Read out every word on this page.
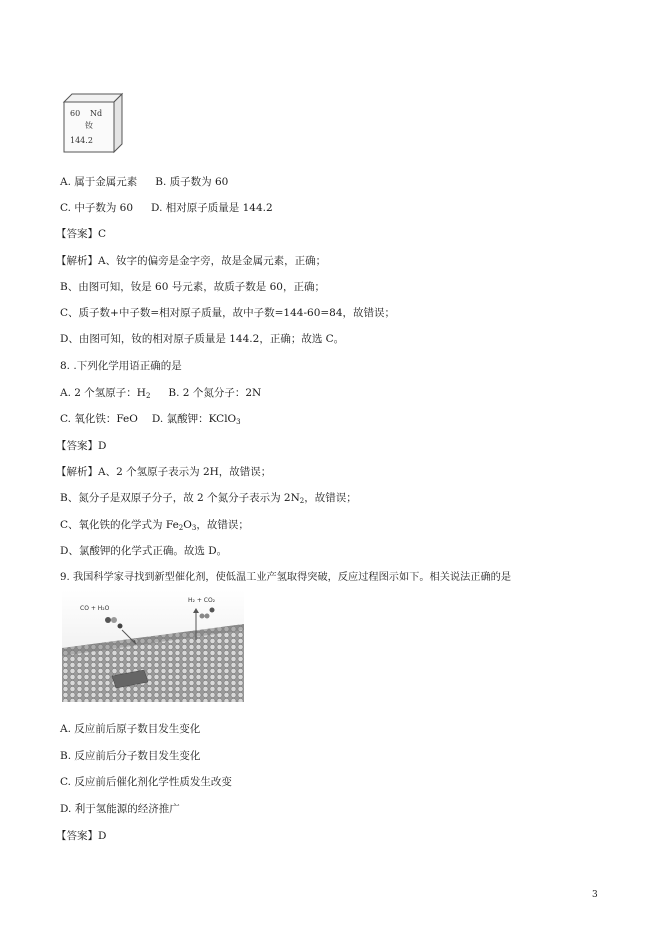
60 Nd
钕
144.2
A. 属于金属元素 B. 质子数为 60
C. 中子数为 60 D. 相对原子质量是 144.2
【答案】C
【解析】A、钕字的偏旁是金字旁，故是金属元素，正确；
B、由图可知，钕是 60 号元素，故质子数是 60，正确；
C、质子数+中子数=相对原子质量，故中子数=144-60=84，故错误；
D、由图可知，钕的相对原子质量是 144.2，正确；故选 C。
8. .下列化学用语正确的是
A. 2 个氢原子：$H_2$ B. 2 个氮分子：2N
C. 氧化铁：FeO D. 氯酸钾：KClO$_3$
【答案】D
【解析】A、2 个氢原子表示为 2H，故错误；
B、氮分子是双原子分子，故 2 个氮分子表示为 $2N_2$，故错误；
C、氧化铁的化学式为 $Fe_2O_3$，故错误；
D、氯酸钾的化学式正确。故选 D。
9. 我国科学家寻找到新型催化剂，使低温工业产氢取得突破，反应过程图示如下。相关说法正确的是
CO + H₂O
H₂ + CO₂
A. 反应前后原子数目发生变化
B. 反应前后分子数目发生变化
C. 反应前后催化剂化学性质发生改变
D. 利于氢能源的经济推广
【答案】D
3
